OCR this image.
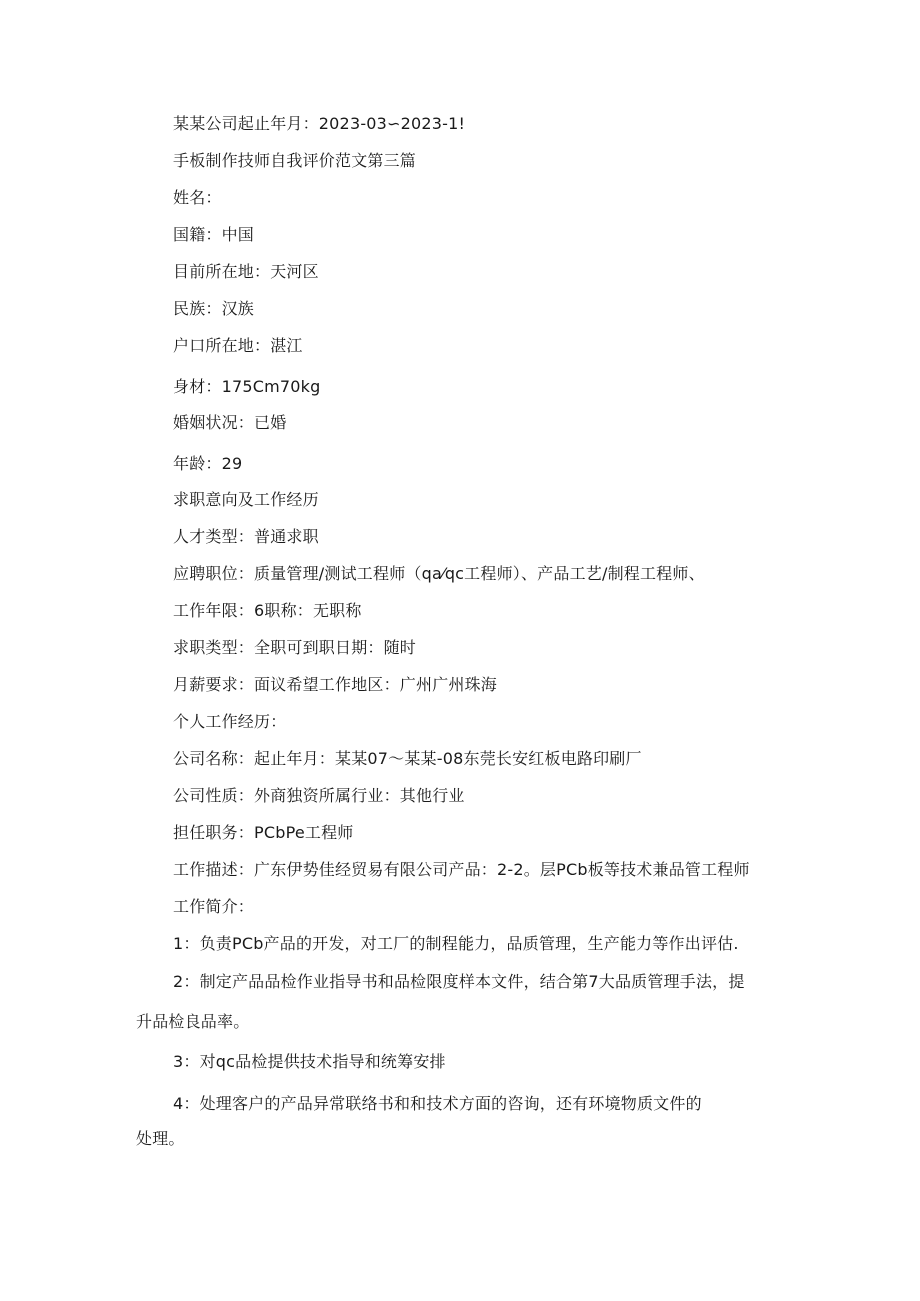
某某公司起止年月：2023-03∽2023-1!
手板制作技师自我评价范文第三篇
姓名：
国籍：中国
目前所在地：天河区
民族：汉族
户口所在地：湛江
身材：175Cm70kg
婚姻状况：已婚
年龄：29
求职意向及工作经历
人才类型：普通求职
应聘职位：质量管理/测试工程师（qa⁄qc工程师）、产品工艺/制程工程师、
工作年限：6职称：无职称
求职类型：全职可到职日期：随时
月薪要求：面议希望工作地区：广州广州珠海
个人工作经历：
公司名称：起止年月：某某07～某某-08东莞长安红板电路印刷厂
公司性质：外商独资所属行业：其他行业
担任职务：PCbPe工程师
工作描述：广东伊势佳经贸易有限公司产品：2-2。层PCb板等技术兼品管工程师
工作简介：
1：负责PCb产品的开发，对工厂的制程能力，品质管理，生产能力等作出评估.
2：制定产品品检作业指导书和品检限度样本文件，结合第7大品质管理手法，提
升品检良品率。
3：对qc品检提供技术指导和统筹安排
4：处理客户的产品异常联络书和和技术方面的咨询，还有环境物质文件的
处理。
